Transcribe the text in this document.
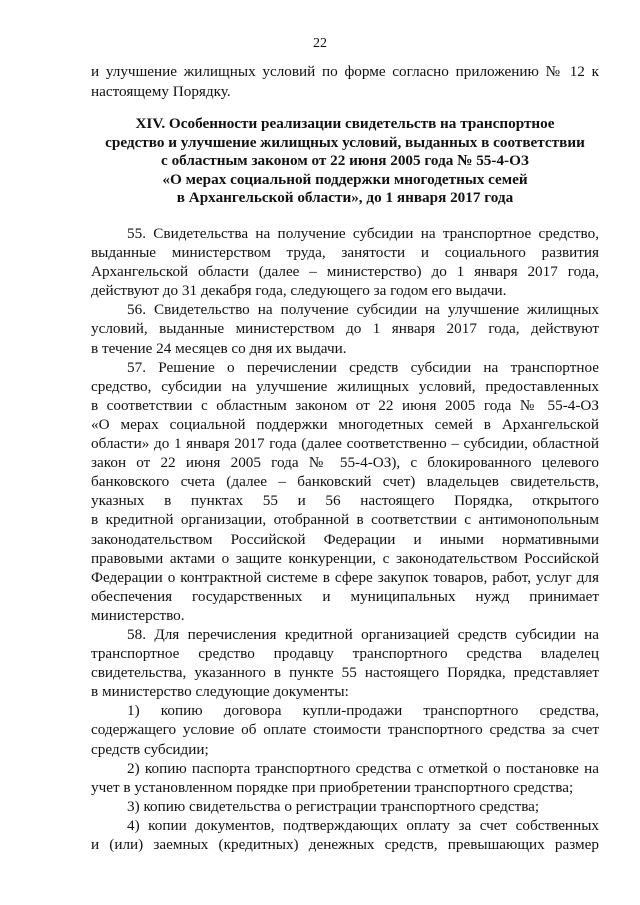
22
и улучшение жилищных условий по форме согласно приложению № 12 к настоящему Порядку.
XIV. Особенности реализации свидетельств на транспортное
средство и улучшение жилищных условий, выданных в соответствии
с областным законом от 22 июня 2005 года № 55-4-ОЗ
«О мерах социальной поддержки многодетных семей
в Архангельской области», до 1 января 2017 года
55. Свидетельства на получение субсидии на транспортное средство,
выданные министерством труда, занятости и социального развития
Архангельской области (далее – министерство) до 1 января 2017 года,
действуют до 31 декабря года, следующего за годом его выдачи.
56. Свидетельство на получение субсидии на улучшение жилищных
условий, выданные министерством до 1 января 2017 года, действуют
в течение 24 месяцев со дня их выдачи.
57. Решение о перечислении средств субсидии на транспортное
средство, субсидии на улучшение жилищных условий, предоставленных
в соответствии с областным законом от 22 июня 2005 года № 55-4-ОЗ
«О мерах социальной поддержки многодетных семей в Архангельской
области» до 1 января 2017 года (далее соответственно – субсидии, областной
закон от 22 июня 2005 года № 55-4-ОЗ), с блокированного целевого
банковского счета (далее – банковский счет) владельцев свидетельств,
указных в пунктах 55 и 56 настоящего Порядка, открытого
в кредитной организации, отобранной в соответствии с антимонопольным
законодательством Российской Федерации и иными нормативными
правовыми актами о защите конкуренции, с законодательством Российской
Федерации о контрактной системе в сфере закупок товаров, работ, услуг для
обеспечения государственных и муниципальных нужд принимает
министерство.
58. Для перечисления кредитной организацией средств субсидии на
транспортное средство продавцу транспортного средства владелец
свидетельства, указанного в пункте 55 настоящего Порядка, представляет
в министерство следующие документы:
1) копию договора купли-продажи транспортного средства,
содержащего условие об оплате стоимости транспортного средства за счет
средств субсидии;
2) копию паспорта транспортного средства с отметкой о постановке на
учет в установленном порядке при приобретении транспортного средства;
3) копию свидетельства о регистрации транспортного средства;
4) копии документов, подтверждающих оплату за счет собственных
и (или) заемных (кредитных) денежных средств, превышающих размер
